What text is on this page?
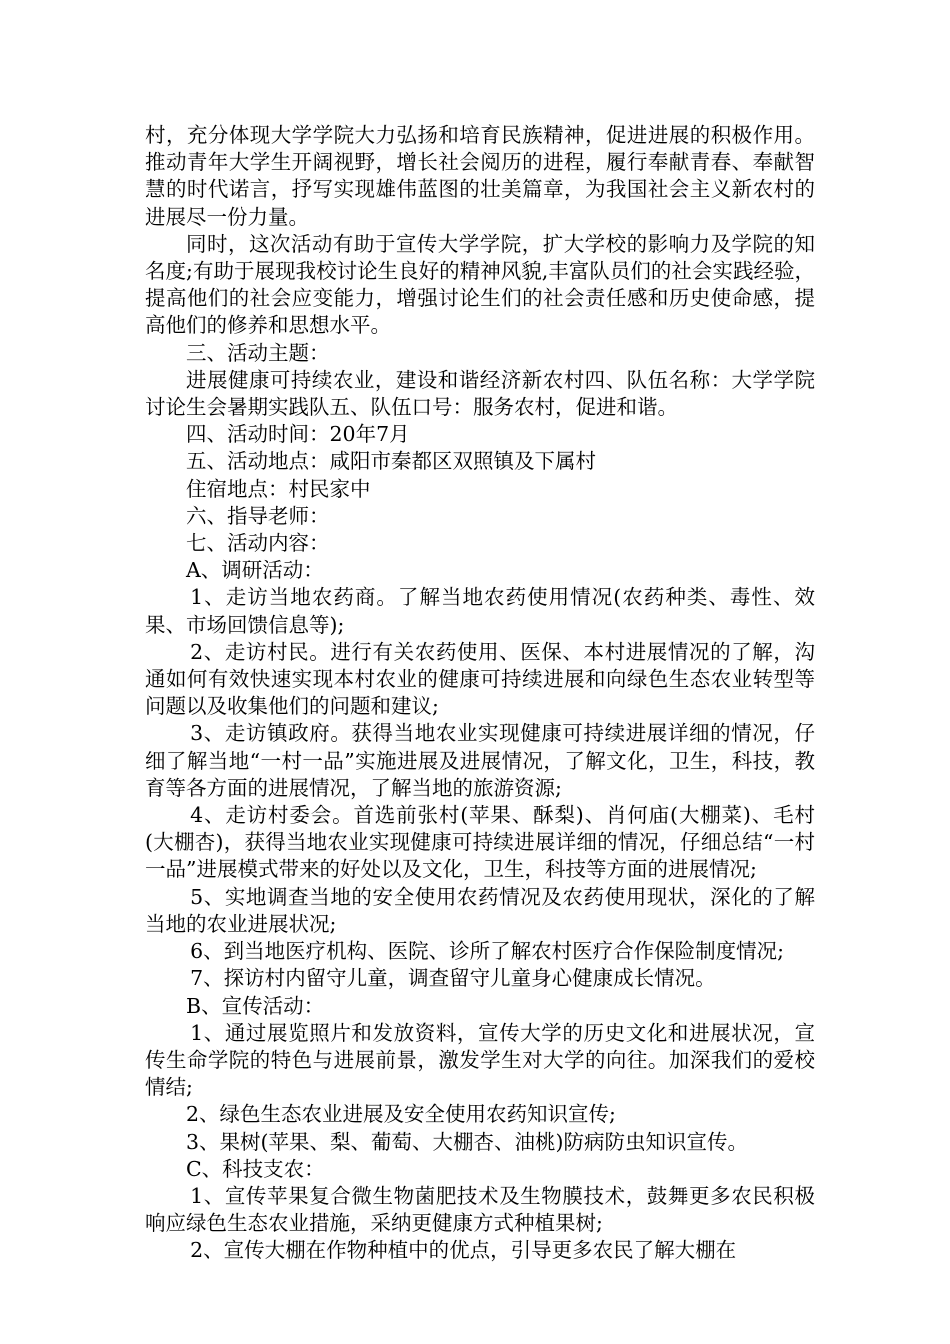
村，充分体现大学学院大力弘扬和培育民族精神，促进进展的积极作用。推动青年大学生开阔视野，增长社会阅历的进程，履行奉献青春、奉献智慧的时代诺言，抒写实现雄伟蓝图的壮美篇章，为我国社会主义新农村的进展尽一份力量。

同时，这次活动有助于宣传大学学院，扩大学校的影响力及学院的知名度;有助于展现我校讨论生良好的精神风貌,丰富队员们的社会实践经验，提高他们的社会应变能力，增强讨论生们的社会责任感和历史使命感，提高他们的修养和思想水平。

三、活动主题：

进展健康可持续农业，建设和谐经济新农村四、队伍名称：大学学院讨论生会暑期实践队五、队伍口号：服务农村，促进和谐。

四、活动时间：20年7月

五、活动地点：咸阳市秦都区双照镇及下属村

住宿地点：村民家中

六、指导老师：

七、活动内容：

A、调研活动：

1、走访当地农药商。了解当地农药使用情况(农药种类、毒性、效果、市场回馈信息等);

2、走访村民。进行有关农药使用、医保、本村进展情况的了解，沟通如何有效快速实现本村农业的健康可持续进展和向绿色生态农业转型等问题以及收集他们的问题和建议;

3、走访镇政府。获得当地农业实现健康可持续进展详细的情况，仔细了解当地“一村一品”实施进展及进展情况，了解文化，卫生，科技，教育等各方面的进展情况，了解当地的旅游资源;

4、走访村委会。首选前张村(苹果、酥梨)、肖何庙(大棚菜)、毛村(大棚杏)，获得当地农业实现健康可持续进展详细的情况，仔细总结“一村一品”进展模式带来的好处以及文化，卫生，科技等方面的进展情况;

5、实地调查当地的安全使用农药情况及农药使用现状，深化的了解当地的农业进展状况;

6、到当地医疗机构、医院、诊所了解农村医疗合作保险制度情况;

7、探访村内留守儿童，调查留守儿童身心健康成长情况。

B、宣传活动：

1、通过展览照片和发放资料，宣传大学的历史文化和进展状况，宣传生命学院的特色与进展前景，激发学生对大学的向往。加深我们的爱校情结;

2、绿色生态农业进展及安全使用农药知识宣传;

3、果树(苹果、梨、葡萄、大棚杏、油桃)防病防虫知识宣传。

C、科技支农：

1、宣传苹果复合微生物菌肥技术及生物膜技术，鼓舞更多农民积极响应绿色生态农业措施，采纳更健康方式种植果树;

2、宣传大棚在作物种植中的优点，引导更多农民了解大棚在
